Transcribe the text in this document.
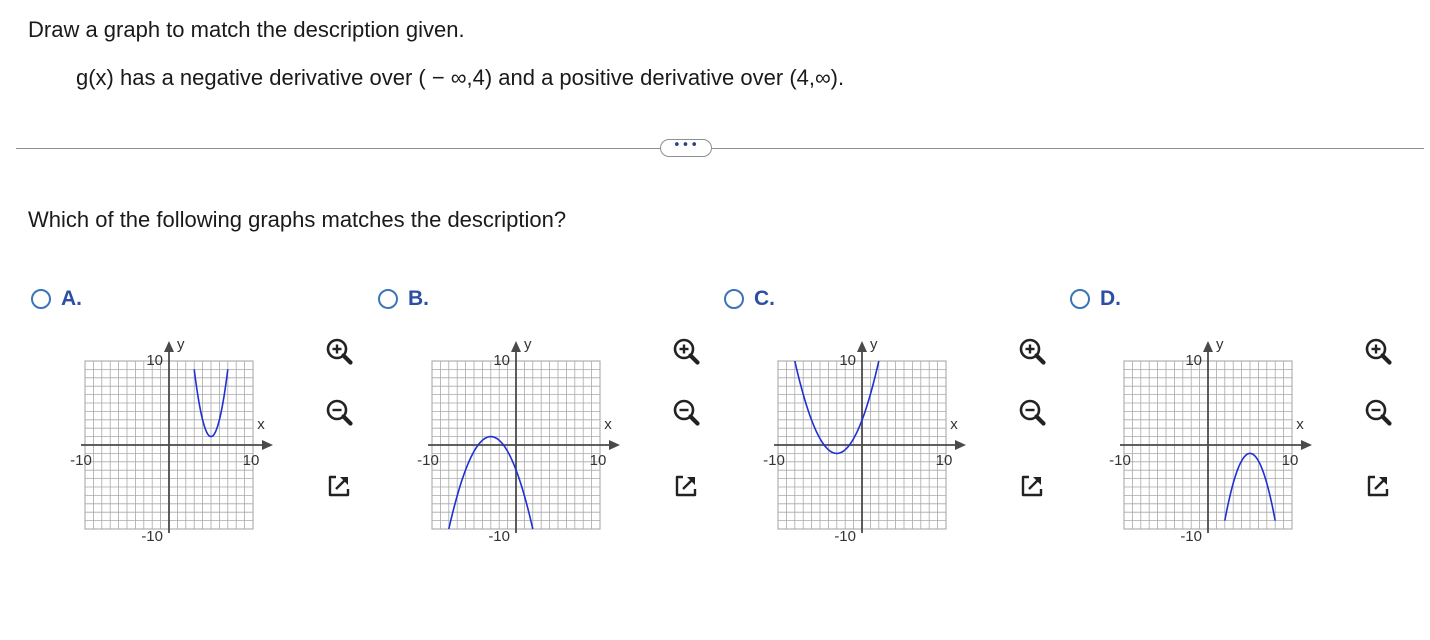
Draw a graph to match the description given.
g(x) has a negative derivative over ( − ∞,4) and a positive derivative over (4,∞).
•••
Which of the following graphs matches the description?
A.
10
-10
-10	10
y
x
B.
10
-10
-10	10
y
x
C.
10
-10
-10	10
y
x
D.
10
-10
-10	10
y
x
